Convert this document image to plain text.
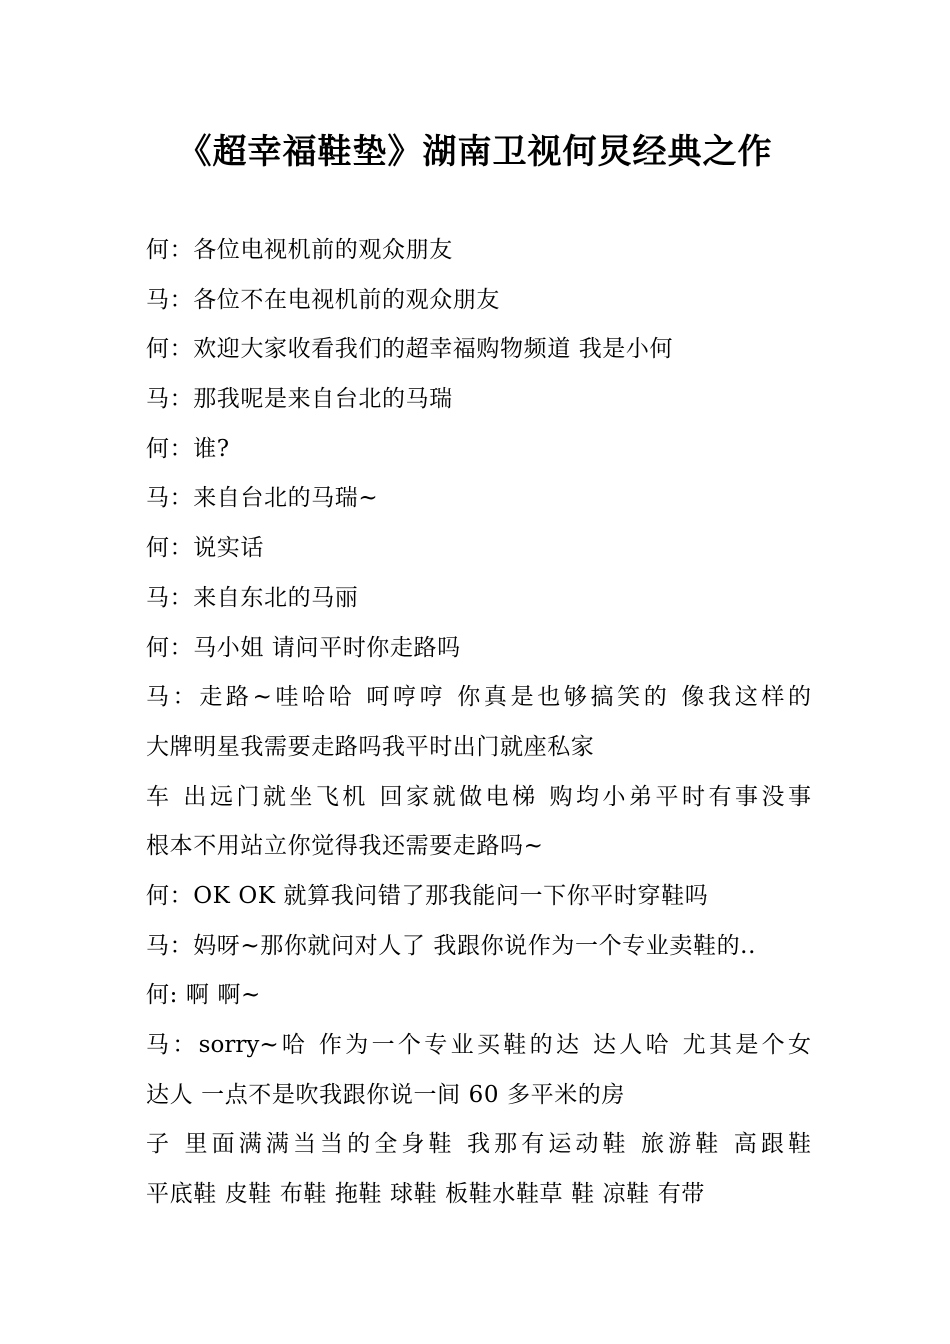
《超幸福鞋垫》湖南卫视何炅经典之作
何：各位电视机前的观众朋友
马：各位不在电视机前的观众朋友
何：欢迎大家收看我们的超幸福购物频道 我是小何
马：那我呢是来自台北的马瑞
何：谁?
马：来自台北的马瑞~
何：说实话
马：来自东北的马丽
何：马小姐 请问平时你走路吗
马：走路~哇哈哈 呵哼哼 你真是也够搞笑的 像我这样的
大牌明星我需要走路吗我平时出门就座私家
车 出远门就坐飞机 回家就做电梯 购均小弟平时有事没事
根本不用站立你觉得我还需要走路吗~
何：OK OK 就算我问错了那我能问一下你平时穿鞋吗
马：妈呀~那你就问对人了 我跟你说作为一个专业卖鞋的..
何: 啊 啊~
马：sorry~哈 作为一个专业买鞋的达 达人哈 尤其是个女
达人 一点不是吹我跟你说一间 60 多平米的房
子 里面满满当当的全身鞋 我那有运动鞋 旅游鞋 高跟鞋
平底鞋 皮鞋 布鞋 拖鞋 球鞋 板鞋水鞋草 鞋 凉鞋 有带
